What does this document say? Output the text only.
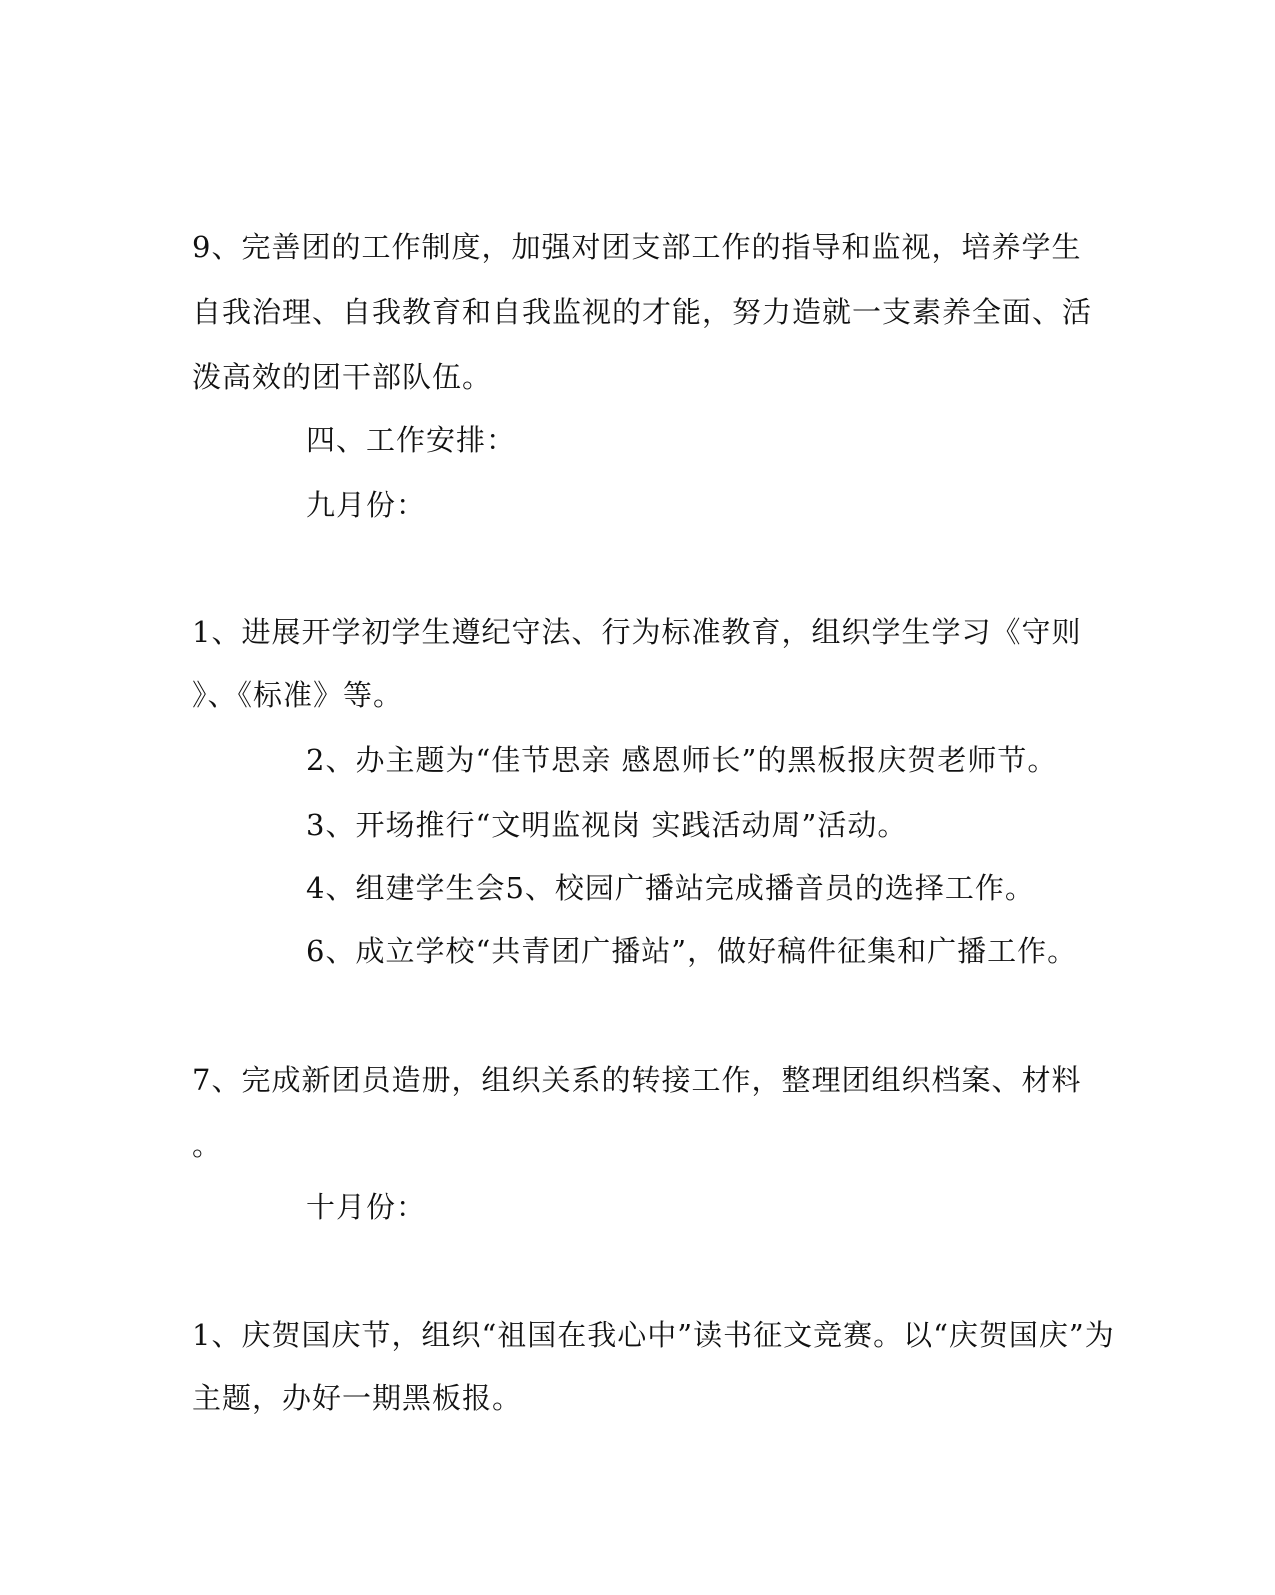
9、完善团的工作制度，加强对团支部工作的指导和监视，培养学生
自我治理、自我教育和自我监视的才能，努力造就一支素养全面、活
泼高效的团干部队伍。
四、工作安排：
九月份：
1、进展开学初学生遵纪守法、行为标准教育，组织学生学习《守则
》、《标准》等。
2、办主题为“佳节思亲 感恩师长”的黑板报庆贺老师节。
3、开场推行“文明监视岗 实践活动周”活动。
4、组建学生会5、校园广播站完成播音员的选择工作。
6、成立学校“共青团广播站”，做好稿件征集和广播工作。
7、完成新团员造册，组织关系的转接工作，整理团组织档案、材料
。
十月份：
1、庆贺国庆节，组织“祖国在我心中”读书征文竞赛。以“庆贺国庆”为
主题，办好一期黑板报。
